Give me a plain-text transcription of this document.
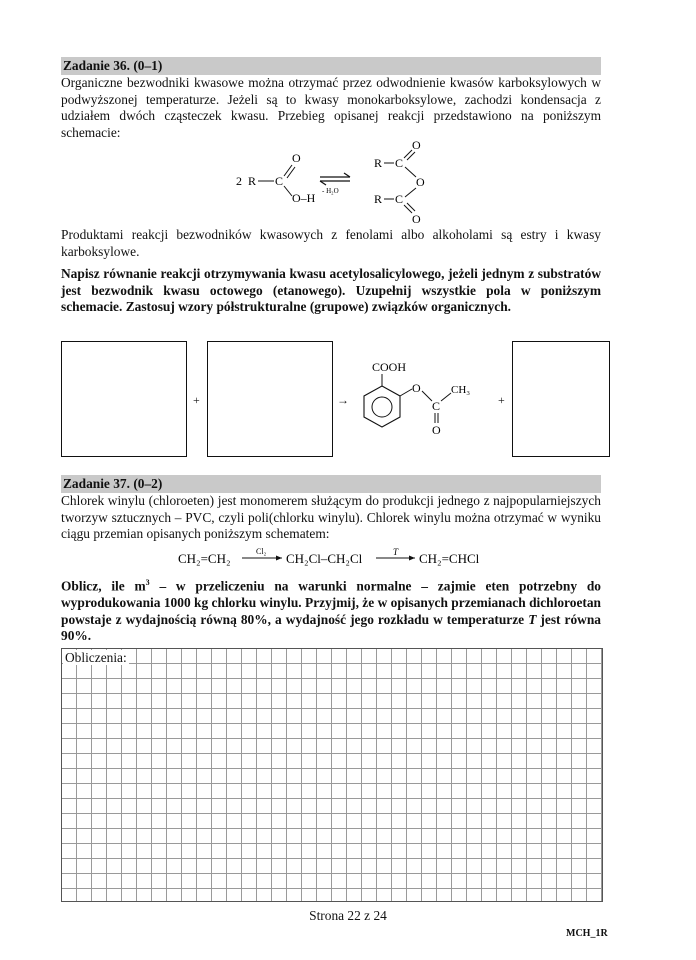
Zadanie 36. (0–1)

Organiczne bezwodniki kwasowe można otrzymać przez odwodnienie kwasów karboksylowych w podwyższonej temperaturze. Jeżeli są to kwasy monokarboksylowe, zachodzi kondensacja z udziałem dwóch cząsteczek kwasu. Przebieg opisanej reakcji przedstawiono na poniższym schemacie:

2 R C
O
O–H - H₂O
R C
O
O
R C
O

Produktami reakcji bezwodników kwasowych z fenolami albo alkoholami są estry i kwasy karboksylowe.

Napisz równanie reakcji otrzymywania kwasu acetylosalicylowego, jeżeli jednym z substratów jest bezwodnik kwasu octowego (etanowego). Uzupełnij wszystkie pola w poniższym schemacie. Zastosuj wzory półstrukturalne (grupowe) związków organicznych.

+	→
COOH
O
C
CH₃
O
+
Zadanie 37. (0–2)

Chlorek winylu (chloroeten) jest monomerem służącym do produkcji jednego z najpopularniejszych tworzyw sztucznych – PVC, czyli poli(chlorku winylu). Chlorek winylu można otrzymać w wyniku ciągu przemian opisanych poniższym schematem:

CH₂=CH₂	Cl₂ CH₂Cl–CH₂Cl	T CH₂=CHCl

Oblicz, ile $m^3$ – w przeliczeniu na warunki normalne – zajmie eten potrzebny do wyprodukowania 1000 kg chlorku winylu. Przyjmij, że w opisanych przemianach dichloroetan powstaje z wydajnością równą 80%, a wydajność jego rozkładu w temperaturze T jest równa 90%.

Obliczenia:
Strona 22 z 24
MCH_1R
